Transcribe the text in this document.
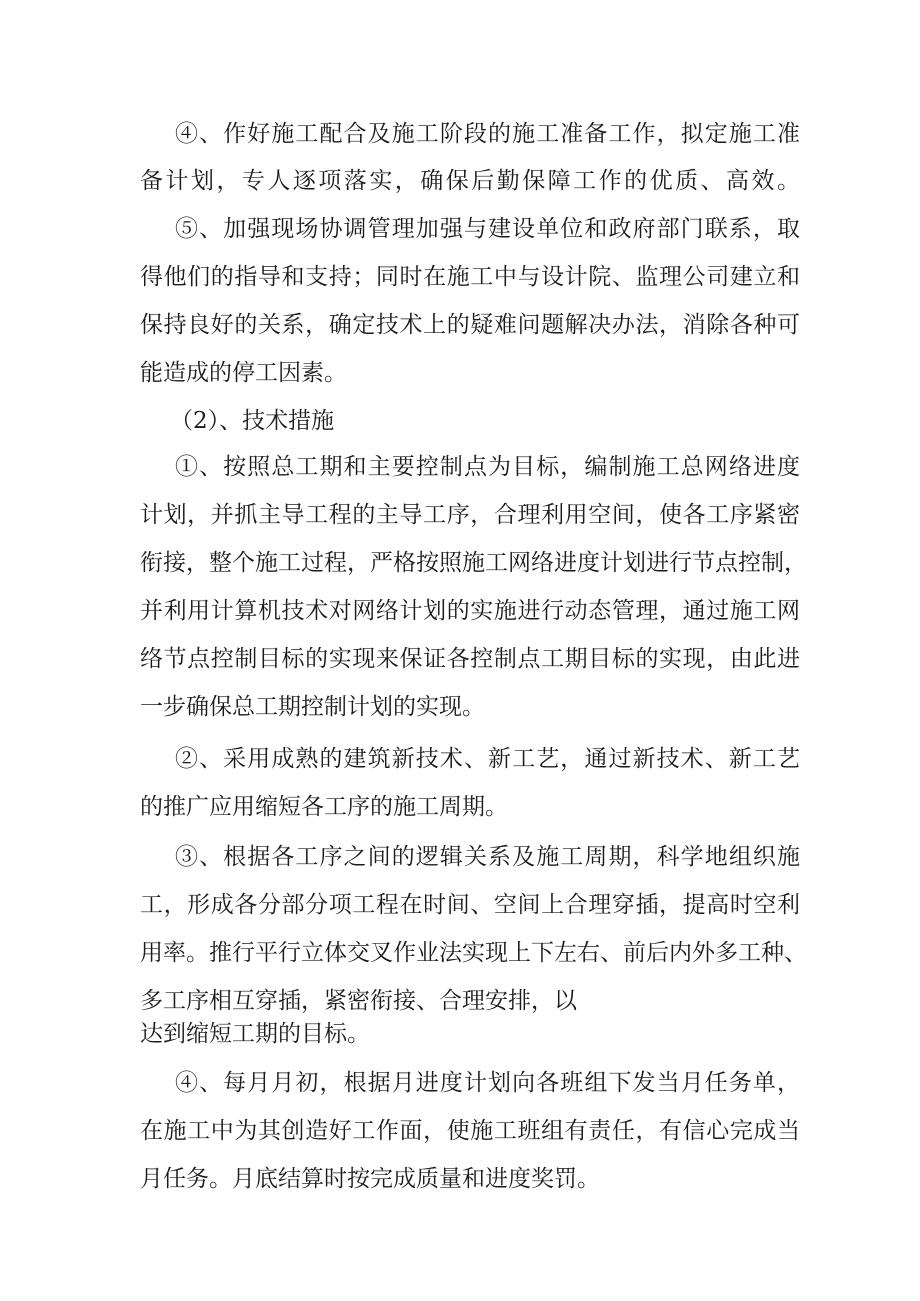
④、作好施工配合及施工阶段的施工准备工作，拟定施工准
备计划，专人逐项落实，确保后勤保障工作的优质、高效。
⑤、加强现场协调管理加强与建设单位和政府部门联系，取
得他们的指导和支持；同时在施工中与设计院、监理公司建立和
保持良好的关系，确定技术上的疑难问题解决办法，消除各种可
能造成的停工因素。
（2）、技术措施
①、按照总工期和主要控制点为目标，编制施工总网络进度
计划，并抓主导工程的主导工序，合理利用空间，使各工序紧密
衔接，整个施工过程，严格按照施工网络进度计划进行节点控制，
并利用计算机技术对网络计划的实施进行动态管理，通过施工网
络节点控制目标的实现来保证各控制点工期目标的实现，由此进
一步确保总工期控制计划的实现。
②、采用成熟的建筑新技术、新工艺，通过新技术、新工艺
的推广应用缩短各工序的施工周期。
③、根据各工序之间的逻辑关系及施工周期，科学地组织施
工，形成各分部分项工程在时间、空间上合理穿插，提高时空利
用率。推行平行立体交叉作业法实现上下左右、前后内外多工种、
多工序相互穿插，紧密衔接、合理安排，以
达到缩短工期的目标。
④、每月月初，根据月进度计划向各班组下发当月任务单，
在施工中为其创造好工作面，使施工班组有责任，有信心完成当
月任务。月底结算时按完成质量和进度奖罚。
